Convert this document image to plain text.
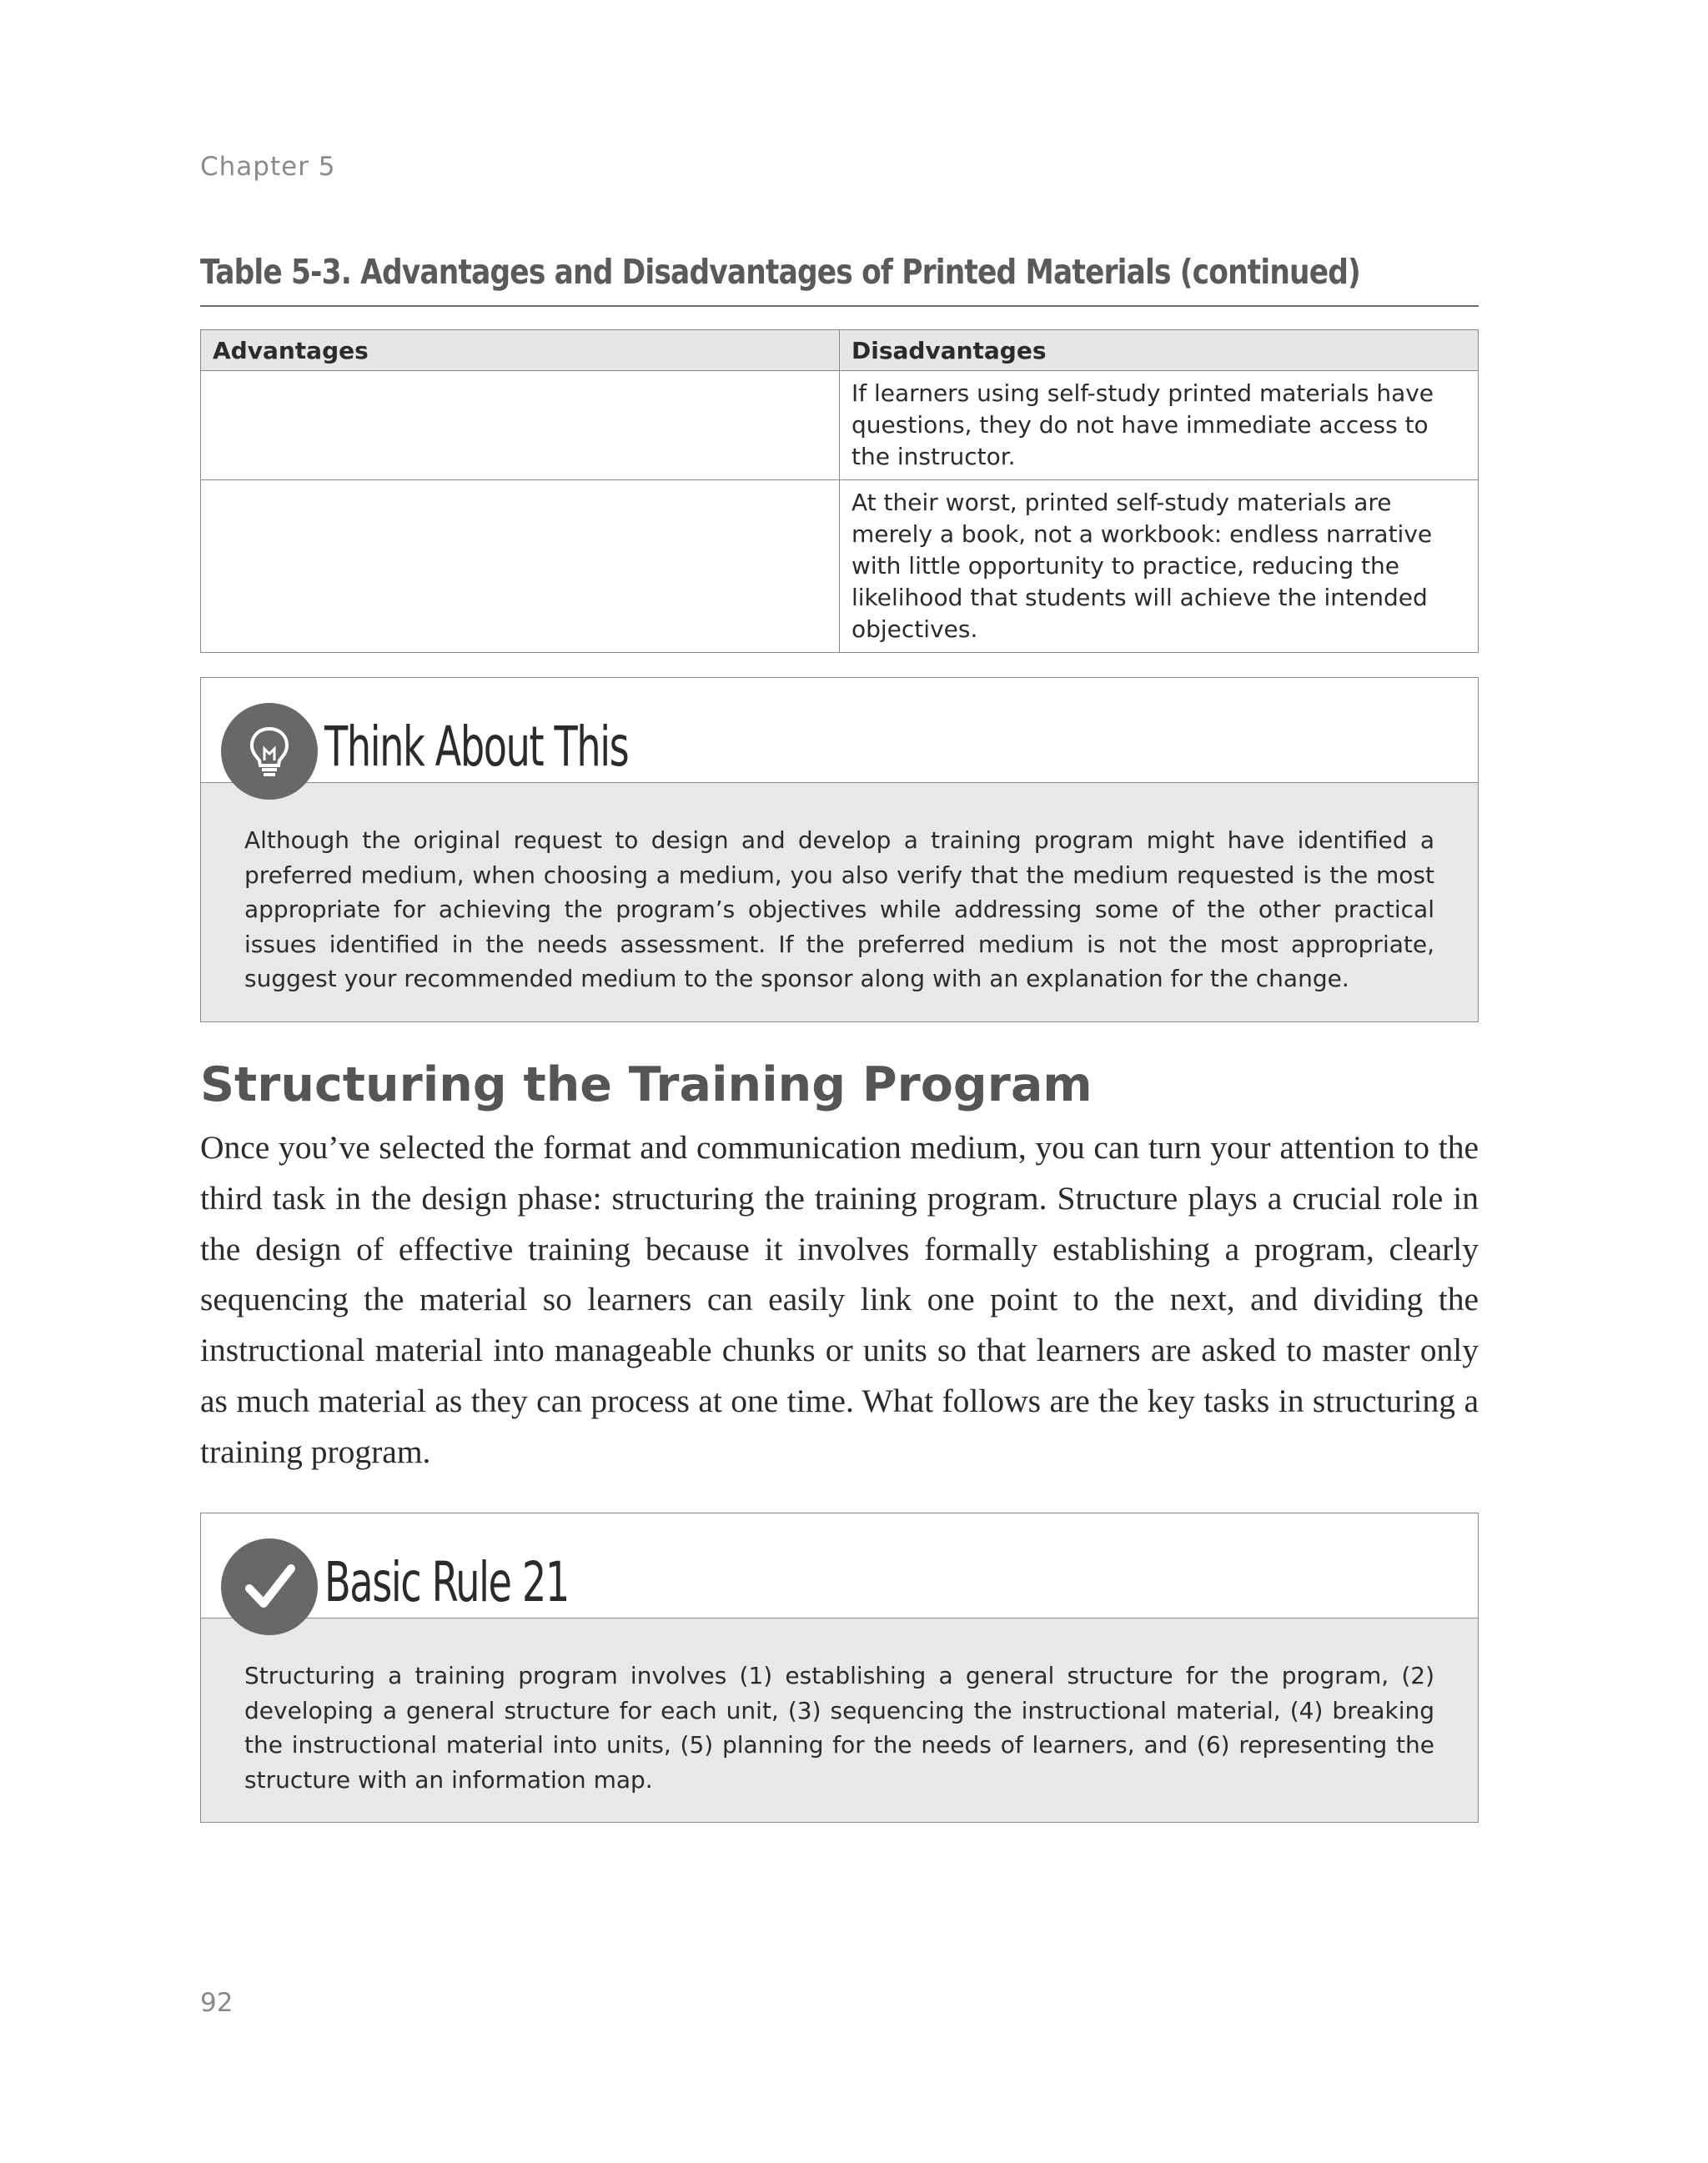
Chapter 5
Table 5-3. Advantages and Disadvantages of Printed Materials (continued)
Advantages	Disadvantages

	If learners using self-study printed materials have questions, they do not have immediate access to the instructor.

	At their worst, printed self-study materials are merely a book, not a workbook: endless narrative with little opportunity to practice, reducing the likelihood that students will achieve the intended objectives.
Think About This
Although the original request to design and develop a training program might have identified a preferred medium, when choosing a medium, you also verify that the medium requested is the most appropriate for achieving the program’s objectives while addressing some of the other practical issues identified in the needs assessment. If the preferred medium is not the most appropriate, suggest your recommended medium to the sponsor along with an explanation for the change.
Structuring the Training Program
Once you’ve selected the format and communication medium, you can turn your attention to the third task in the design phase: structuring the training program. Structure plays a crucial role in the design of effective training because it involves formally establishing a program, clearly sequencing the material so learners can easily link one point to the next, and dividing the instructional material into manageable chunks or units so that learners are asked to master only as much material as they can process at one time. What follows are the key tasks in structuring a training program.
Basic Rule 21
Structuring a training program involves (1) establishing a general structure for the program, (2) developing a general structure for each unit, (3) sequencing the instructional material, (4) breaking the instructional material into units, (5) planning for the needs of learners, and (6) representing the structure with an information map.
92
